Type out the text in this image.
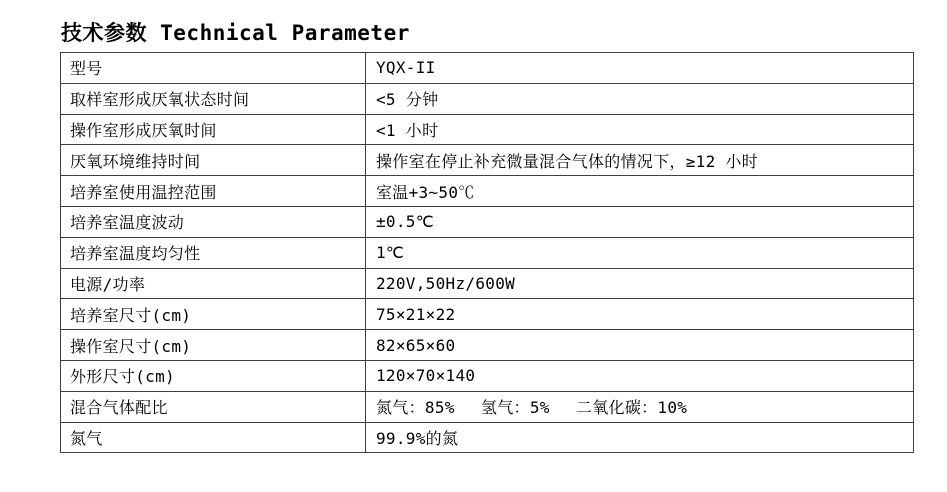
技术参数 Technical Parameter
型号	YQX-II
取样室形成厌氧状态时间	<5 分钟
操作室形成厌氧时间	<1 小时
厌氧环境维持时间	操作室在停止补充微量混合气体的情况下，≥12 小时
培养室使用温控范围	室温+3~50℃
培养室温度波动	±0.5℃
培养室温度均匀性	1℃
电源/功率	220V,50Hz/600W
培养室尺寸(cm)	75×21×22
操作室尺寸(cm)	82×65×60
外形尺寸(cm)	120×70×140
混合气体配比	氮气：85%　 氢气：5%　 二氧化碳：10%
氮气	99.9%的氮
